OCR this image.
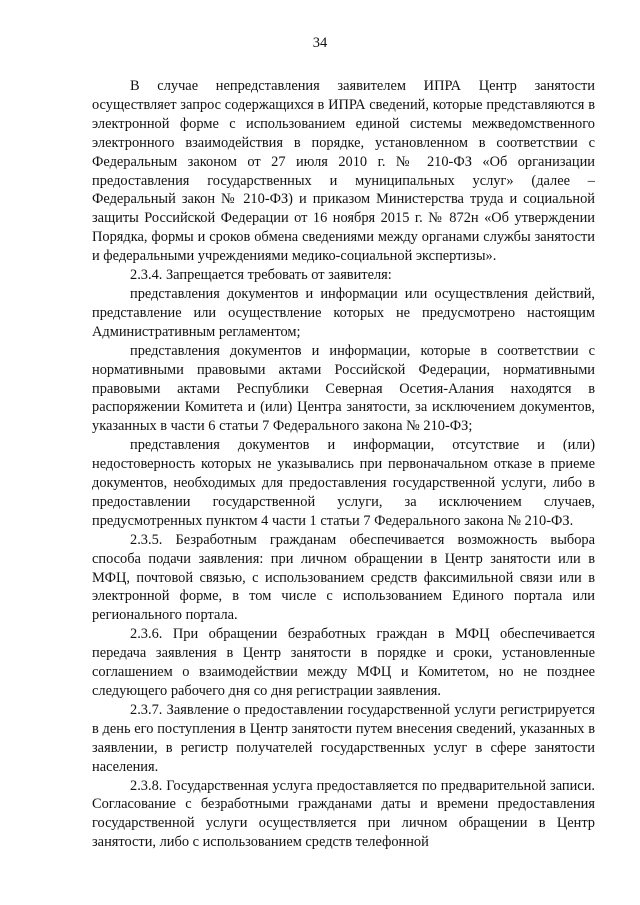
34

В случае непредставления заявителем ИПРА Центр занятости осуществляет запрос содержащихся в ИПРА сведений, которые представляются в электронной форме с использованием единой системы межведомственного электронного взаимодействия в порядке, установленном в соответствии с Федеральным законом от 27 июля 2010 г. № 210-ФЗ «Об организации предоставления государственных и муниципальных услуг» (далее – Федеральный закон № 210-ФЗ) и приказом Министерства труда и социальной защиты Российской Федерации от 16 ноября 2015 г. № 872н «Об утверждении Порядка, формы и сроков обмена сведениями между органами службы занятости и федеральными учреждениями медико-социальной экспертизы».

2.3.4. Запрещается требовать от заявителя:

представления документов и информации или осуществления действий, представление или осуществление которых не предусмотрено настоящим Административным регламентом;

представления документов и информации, которые в соответствии с нормативными правовыми актами Российской Федерации, нормативными правовыми актами Республики Северная Осетия-Алания находятся в распоряжении Комитета и (или) Центра занятости, за исключением документов, указанных в части 6 статьи 7 Федерального закона № 210-ФЗ;

представления документов и информации, отсутствие и (или) недостоверность которых не указывались при первоначальном отказе в приеме документов, необходимых для предоставления государственной услуги, либо в предоставлении государственной услуги, за исключением случаев, предусмотренных пунктом 4 части 1 статьи 7 Федерального закона № 210-ФЗ.

2.3.5. Безработным гражданам обеспечивается возможность выбора способа подачи заявления: при личном обращении в Центр занятости или в МФЦ, почтовой связью, с использованием средств факсимильной связи или в электронной форме, в том числе с использованием Единого портала или регионального портала.

2.3.6. При обращении безработных граждан в МФЦ обеспечивается передача заявления в Центр занятости в порядке и сроки, установленные соглашением о взаимодействии между МФЦ и Комитетом, но не позднее следующего рабочего дня со дня регистрации заявления.

2.3.7. Заявление о предоставлении государственной услуги регистрируется в день его поступления в Центр занятости путем внесения сведений, указанных в заявлении, в регистр получателей государственных услуг в сфере занятости населения.

2.3.8. Государственная услуга предоставляется по предварительной записи. Согласование с безработными гражданами даты и времени предоставления государственной услуги осуществляется при личном обращении в Центр занятости, либо с использованием средств телефонной
